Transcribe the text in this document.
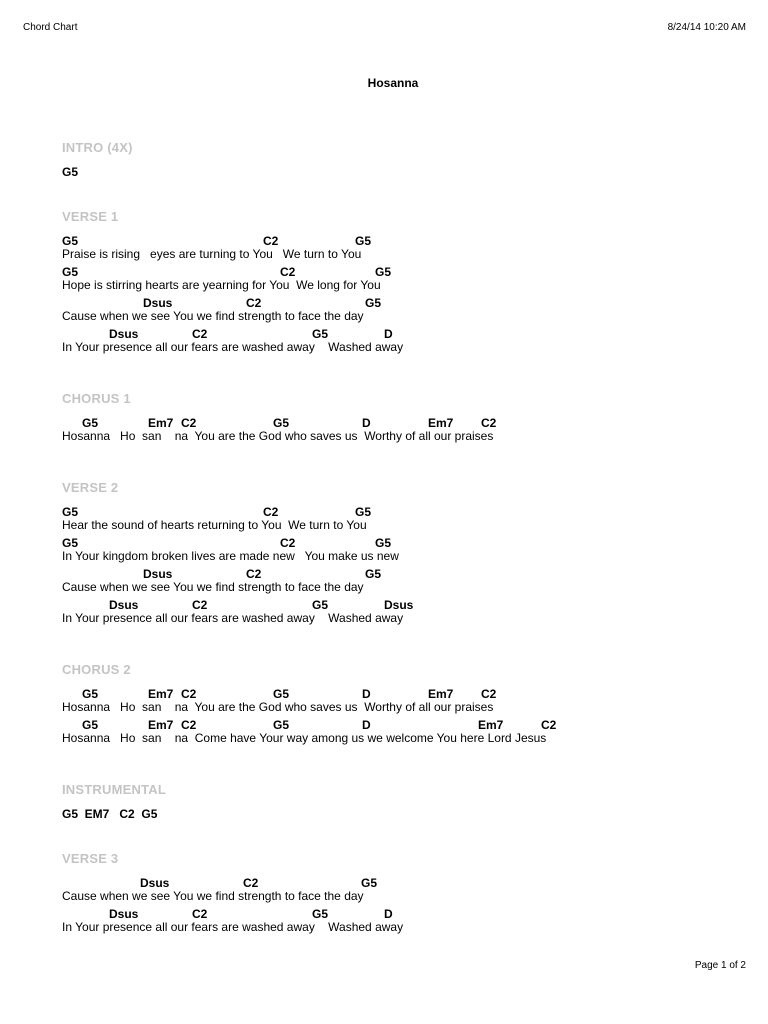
Chord Chart	8/24/14 10:20 AM
Hosanna
INTRO (4X)
G5
VERSE 1
G5	C2	G5
Praise is rising   eyes are turning to You   We turn to You
G5	C2	G5
Hope is stirring hearts are yearning for You  We long for You
Dsus	C2	G5
Cause when we see You we find strength to face the day
Dsus	C2	G5	D
In Your presence all our fears are washed away    Washed away
CHORUS 1
G5	Em7 C2	G5	D	Em7 C2
Hosanna   Ho  san    na  You are the God who saves us  Worthy of all our praises
VERSE 2
G5	C2	G5
Hear the sound of hearts returning to You  We turn to You
G5	C2	G5
In Your kingdom broken lives are made new   You make us new
Dsus	C2	G5
Cause when we see You we find strength to face the day
Dsus	C2	G5	Dsus
In Your presence all our fears are washed away    Washed away
CHORUS 2
G5	Em7 C2	G5	D	Em7 C2
Hosanna   Ho  san    na  You are the God who saves us  Worthy of all our praises
G5	Em7 C2	G5	D	Em7	C2
Hosanna   Ho  san    na  Come have Your way among us we welcome You here Lord Jesus
INSTRUMENTAL
G5  EM7   C2  G5
VERSE 3
Dsus	C2	G5
Cause when we see You we find strength to face the day
Dsus	C2	G5	D
In Your presence all our fears are washed away    Washed away
Page 1 of 2
